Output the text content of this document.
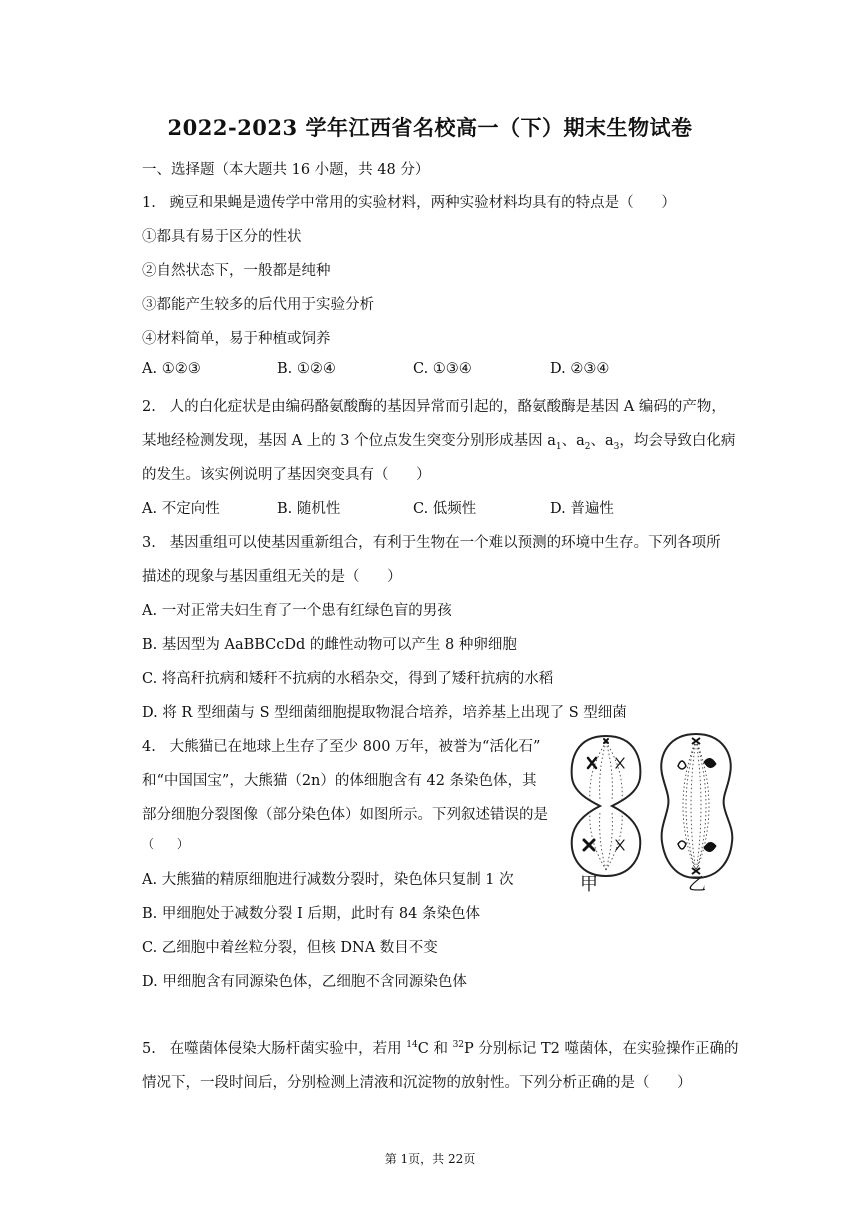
2022-2023 学年江西省名校高一（下）期末生物试卷
一、选择题（本大题共 16 小题，共 48 分）
1.   豌豆和果蝇是遗传学中常用的实验材料，两种实验材料均具有的特点是（      ）
①都具有易于区分的性状
②自然状态下，一般都是纯种
③都能产生较多的后代用于实验分析
④材料简单，易于种植或饲养
A. ①②③	B. ①②④	C. ①③④	D. ②③④
2.   人的白化症状是由编码酪氨酸酶的基因异常而引起的，酪氨酸酶是基因 A 编码的产物，
某地经检测发现，基因 A 上的 3 个位点发生突变分别形成基因 $a_1$、$a_2$、$a_3$，均会导致白化病
的发生。该实例说明了基因突变具有（      ）
A. 不定向性	B. 随机性	C. 低频性	D. 普遍性
3.   基因重组可以使基因重新组合，有利于生物在一个难以预测的环境中生存。下列各项所
描述的现象与基因重组无关的是（      ）
A. 一对正常夫妇生育了一个患有红绿色盲的男孩
B. 基因型为 AaBBCcDd 的雌性动物可以产生 8 种卵细胞
C. 将高秆抗病和矮秆不抗病的水稻杂交，得到了矮秆抗病的水稻
D. 将 R 型细菌与 S 型细菌细胞提取物混合培养，培养基上出现了 S 型细菌
4.   大熊猫已在地球上生存了至少 800 万年，被誉为“活化石”
和“中国国宝”，大熊猫（2n）的体细胞含有 42 条染色体，其
部分细胞分裂图像（部分染色体）如图所示。下列叙述错误的是
（      ）
A. 大熊猫的精原细胞进行减数分裂时，染色体只复制 1 次
B. 甲细胞处于减数分裂 I 后期，此时有 84 条染色体
C. 乙细胞中着丝粒分裂，但核 DNA 数目不变
D. 甲细胞含有同源染色体，乙细胞不含同源染色体
甲	乙
5.   在噬菌体侵染大肠杆菌实验中，若用 $^{14}$C 和 $^{32}$P 分别标记 T2 噬菌体，在实验操作正确的
情况下，一段时间后，分别检测上清液和沉淀物的放射性。下列分析正确的是（      ）
第 1页，共 22页
